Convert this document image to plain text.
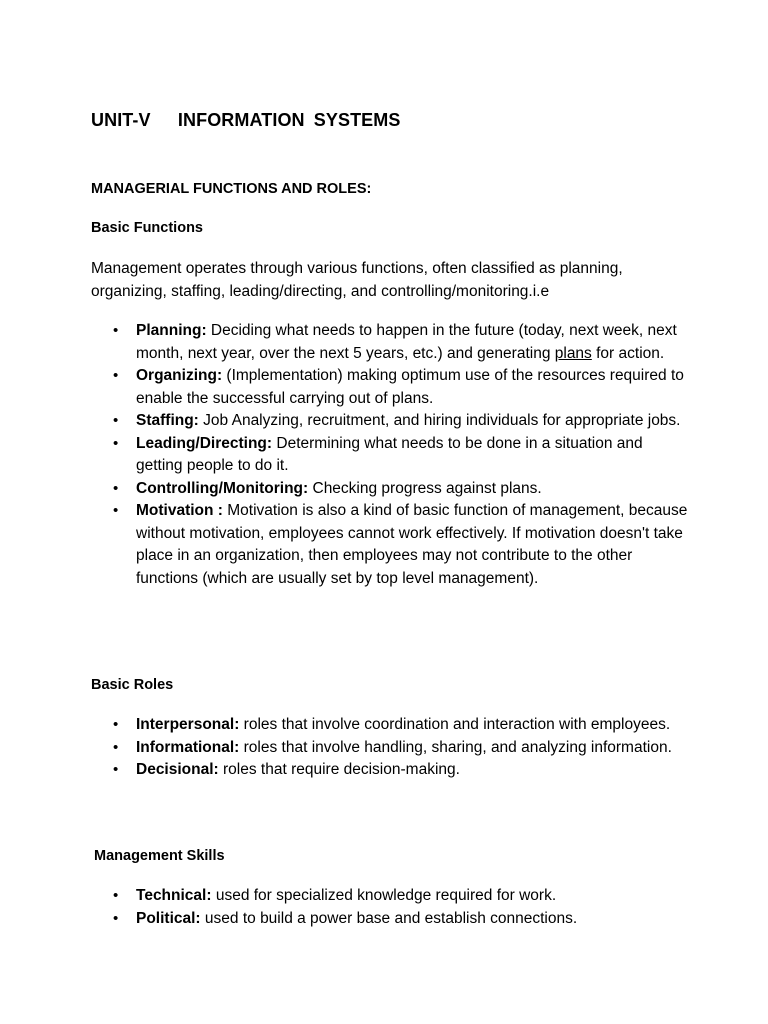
UNIT-V   INFORMATION SYSTEMS
MANAGERIAL FUNCTIONS AND ROLES:
Basic Functions
Management operates through various functions, often classified as planning, organizing, staffing, leading/directing, and controlling/monitoring.i.e
• Planning: Deciding what needs to happen in the future (today, next week, next month, next year, over the next 5 years, etc.) and generating plans for action.
• Organizing: (Implementation) making optimum use of the resources required to enable the successful carrying out of plans.
• Staffing: Job Analyzing, recruitment, and hiring individuals for appropriate jobs.
• Leading/Directing: Determining what needs to be done in a situation and getting people to do it.
• Controlling/Monitoring: Checking progress against plans.
• Motivation : Motivation is also a kind of basic function of management, because without motivation, employees cannot work effectively. If motivation doesn't take place in an organization, then employees may not contribute to the other functions (which are usually set by top level management).
Basic Roles
• Interpersonal: roles that involve coordination and interaction with employees.
• Informational: roles that involve handling, sharing, and analyzing information.
• Decisional: roles that require decision-making.
Management Skills
• Technical: used for specialized knowledge required for work.
• Political: used to build a power base and establish connections.
